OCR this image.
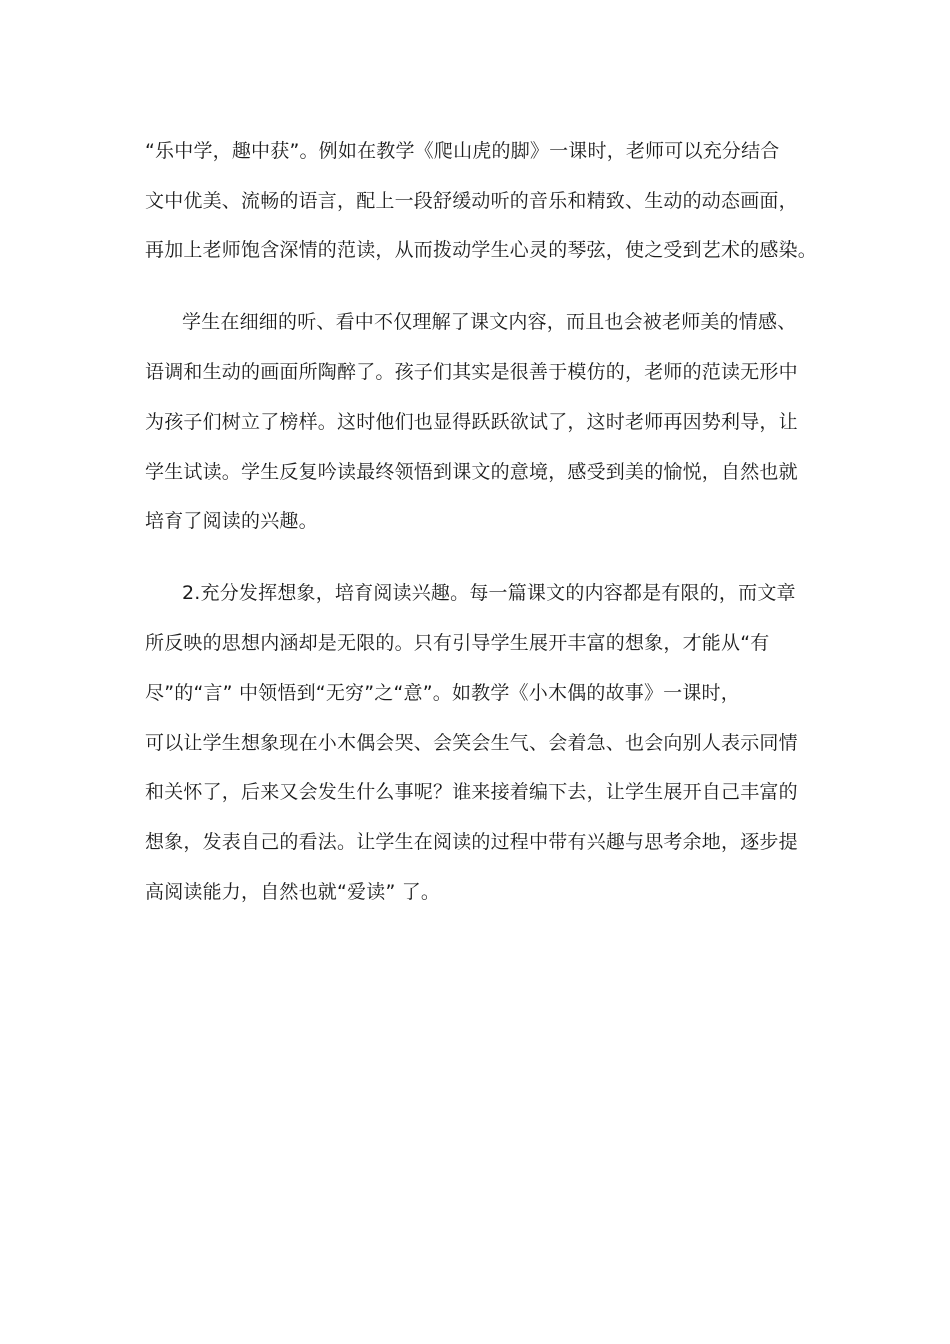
“乐中学，趣中获”。例如在教学《爬山虎的脚》一课时，老师可以充分结合
文中优美、流畅的语言，配上一段舒缓动听的音乐和精致、生动的动态画面，
再加上老师饱含深情的范读，从而拨动学生心灵的琴弦，使之受到艺术的感染。
学生在细细的听、看中不仅理解了课文内容，而且也会被老师美的情感、
语调和生动的画面所陶醉了。孩子们其实是很善于模仿的，老师的范读无形中
为孩子们树立了榜样。这时他们也显得跃跃欲试了，这时老师再因势利导，让
学生试读。学生反复吟读最终领悟到课文的意境，感受到美的愉悦，自然也就
培育了阅读的兴趣。
2.充分发挥想象，培育阅读兴趣。每一篇课文的内容都是有限的，而文章
所反映的思想内涵却是无限的。只有引导学生展开丰富的想象，才能从“有
尽”的“言” 中领悟到“无穷”之“意”。如教学《小木偶的故事》一课时，
可以让学生想象现在小木偶会哭、会笑会生气、会着急、也会向别人表示同情
和关怀了，后来又会发生什么事呢？谁来接着编下去，让学生展开自己丰富的
想象，发表自己的看法。让学生在阅读的过程中带有兴趣与思考余地，逐步提
高阅读能力，自然也就“爱读” 了。
